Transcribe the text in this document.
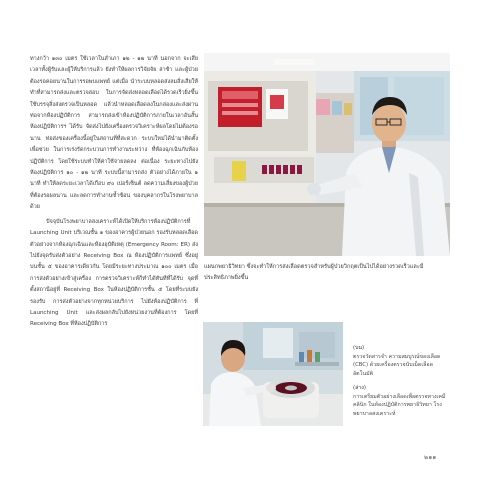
ทางกว้า ๑๓๐ เมตร ใช้เวลาในลำเภา ๑๒ - ๑๒ นาที นอกจาก จะเสียเวลาทั้งผู้รับและผู้ให้บริการแล้ว ยังทำให้ผลการวิจัยจัย ล่าช้า และผู้ป่วยต้องรอคอยนานในการรอพบแพทย์ แต่เมื่อ นำระบบหลอดส่งลมสิ่งเสียให้ทำที่สามารถส่งและตรวจสอบ ในการจัดส่งหลอดเลือดได้รวดเร็วยิ่งขึ้น ใช้บรรจุสิ่งส่งตรวจเป็นหลอด แล้วนำหลอดเลือดลงในกล่องและส่งผ่านท่อจากห้องปฏิบัติการ สามารถส่งเข้าห้องปฏิบัติการภายในเวลาอันสั้น ห้องปฏิบัติการฯ ได้รับ จัดส่งไปยังเครื่องตรวจวิเคราะห์ผลโดยไม่ต้องรอนาน ท่อส่งของเครื่องนี้อยู่ในสถานที่ที่สะดวก ระบบใหม่ได้นำมาติดตั้งเพื่อช่วย ในการเร่งรัดกระบวนการทำงานระหว่าง ที่ห้องฉุกเฉินกับห้องปฏิบัติการ โดยใช้ระบบทำให้ค่าใช้จ่ายลดลง ต่อเนื่อง ระยะทางไปยังห้องปฏิบัติการ ๑๐ - ๑๒ นาที ระบบนี้สามารถส่ง ตัวอย่างได้ภายใน ๑ นาที ทำให้ลดระยะเวลาได้เกือบ ๙๐ เปอร์เซ็นต์ ลดความเสี่ยงของผู้ป่วยที่ต้องรอผลนาน และลดการทำงานซ้ำซ้อน ของบุคลากรในโรงพยาบาลด้วย

ปัจจุบันโรงพยาบาลสงเคราะห์ได้เปิดให้บริการห้องปฏิบัติการที่ Launching Unit บริเวณชั้น ๑ ของอาคารผู้ป่วยนอก รองรับหลอดเลือดตัวอย่างจากห้องฉุกเฉินและห้องอุบัติเหตุ (Emergency Room: ER) ส่งไปยังจุดรับส่งตัวอย่าง Receiving Box ณ ห้องปฏิบัติการแพทย์ ซึ่งอยู่บนชั้น ๕ ของอาคารเดียวกัน โดยมีระยะทางประมาณ ๑๐๐ เมตร เมื่อการส่งตัวอย่างเข้าสู่เครื่อง การตรวจวิเคราะห์ก็ทำได้ทันทีที่ได้รับ จุดที่ตั้งสถานีอยู่ที่ Receiving Box ในห้องปฏิบัติการชั้น ๕ โดยที่ระบบยังรองรับ การส่งตัวอย่างจากทุกหน่วยบริการ ไปยังห้องปฏิบัติการ ที่ Launching Unit และส่งผลกลับไปยังหน่วยงานที่ต้องการ โดยที่ Receiving Box ที่ห้องปฏิบัติการ

แผนกพยาธิวิทยา ซึ่งจะทำให้การส่งเลือดตรวจสำหรับผู้ป่วยวิกฤตเป็นไปได้อย่างรวดเร็วและมีประสิทธิภาพยิ่งขึ้น

(บน)
ตรวจวัดสารจำ ความสมบูรณ์ของเลือด (CBC) ด้วยเครื่องตรวจนับเม็ดเลือดอัตโนมัติ
(ล่าง)
การเตรียมตัวอย่างเลือดเพื่อตรวจทางเคมีคลินิก ในห้องปฏิบัติการพยาธิวิทยา โรงพยาบาลสงเคราะห์
๒๑๑
